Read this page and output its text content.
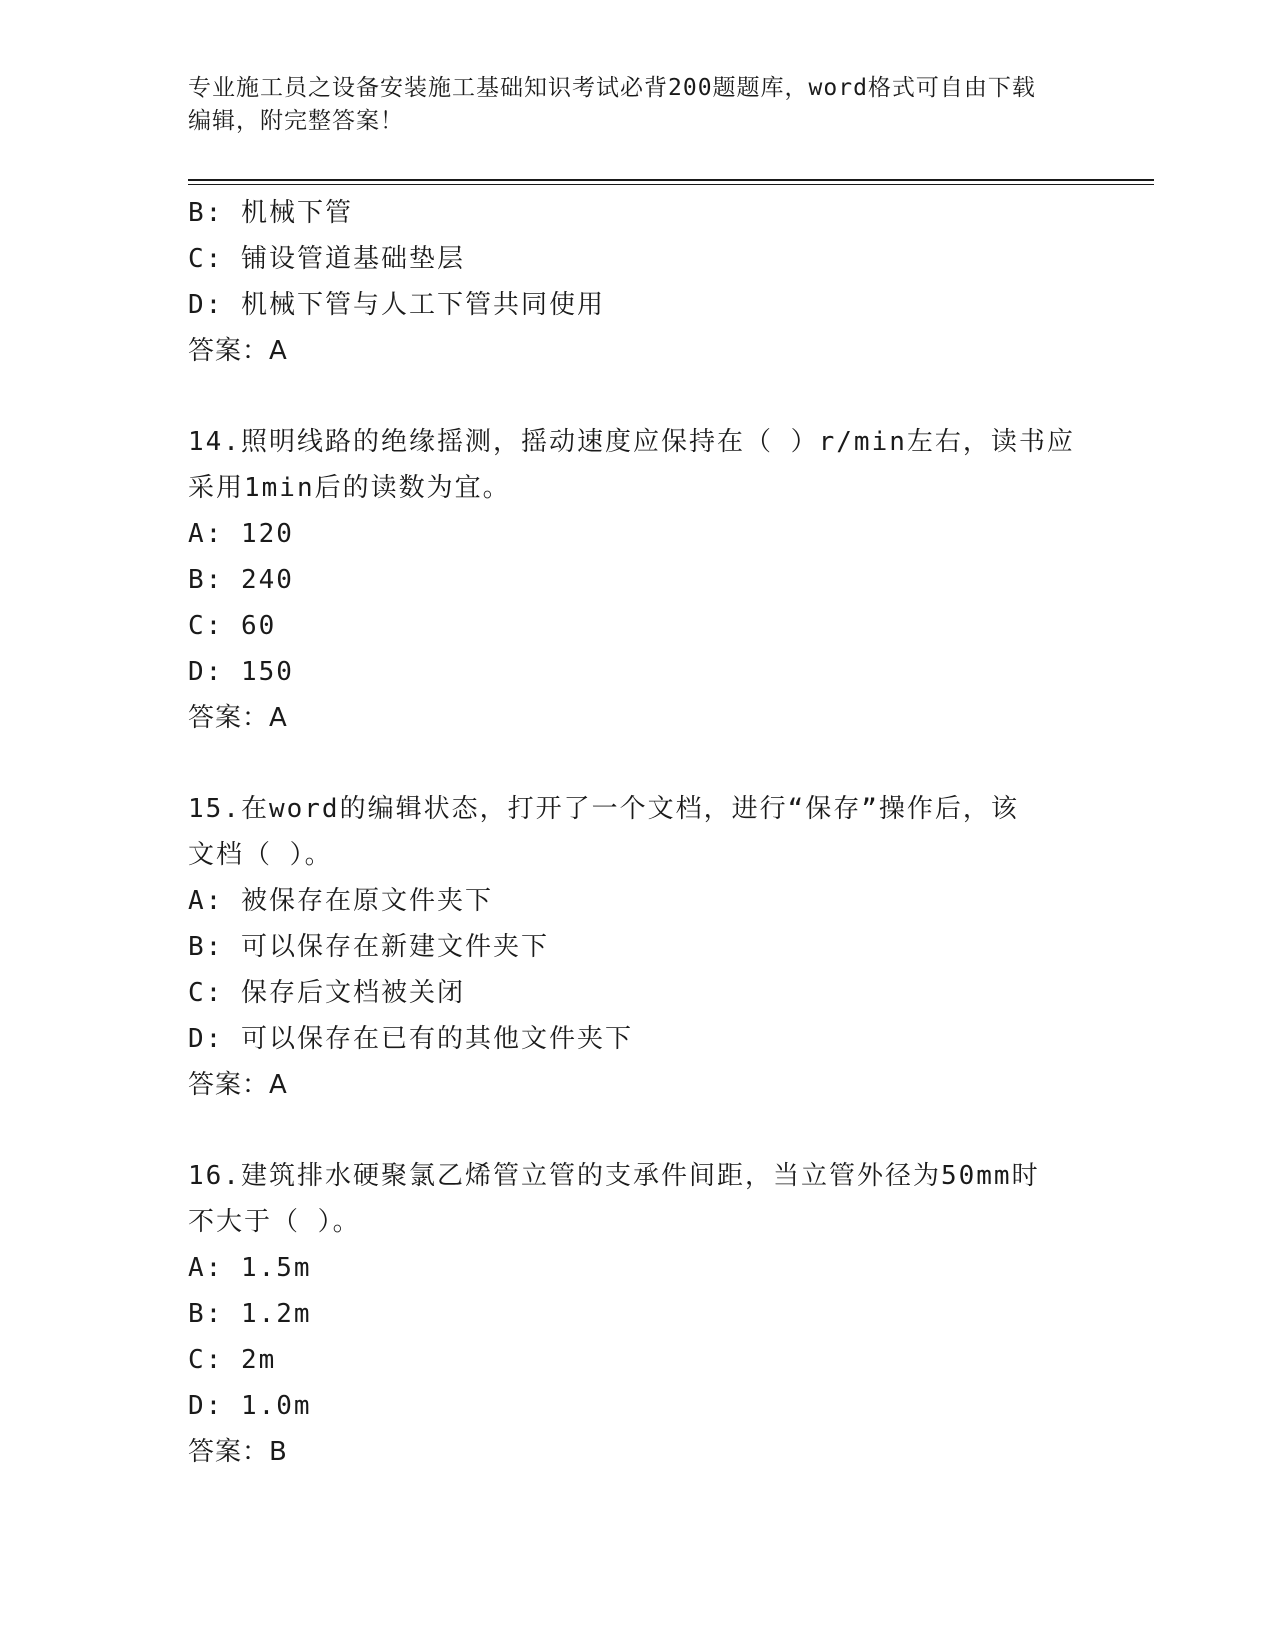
专业施工员之设备安装施工基础知识考试必背200题题库，word格式可自由下载
编辑，附完整答案！
B: 机械下管
C: 铺设管道基础垫层
D: 机械下管与人工下管共同使用
答案：A
14.照明线路的绝缘摇测，摇动速度应保持在（ ）r/min左右，读书应
采用1min后的读数为宜。
A: 120
B: 240
C: 60
D: 150
答案：A
15.在word的编辑状态，打开了一个文档，进行“保存”操作后，该
文档（ ）。
A: 被保存在原文件夹下
B: 可以保存在新建文件夹下
C: 保存后文档被关闭
D: 可以保存在已有的其他文件夹下
答案：A
16.建筑排水硬聚氯乙烯管立管的支承件间距，当立管外径为50mm时
不大于（ ）。
A: 1.5m
B: 1.2m
C: 2m
D: 1.0m
答案：B
